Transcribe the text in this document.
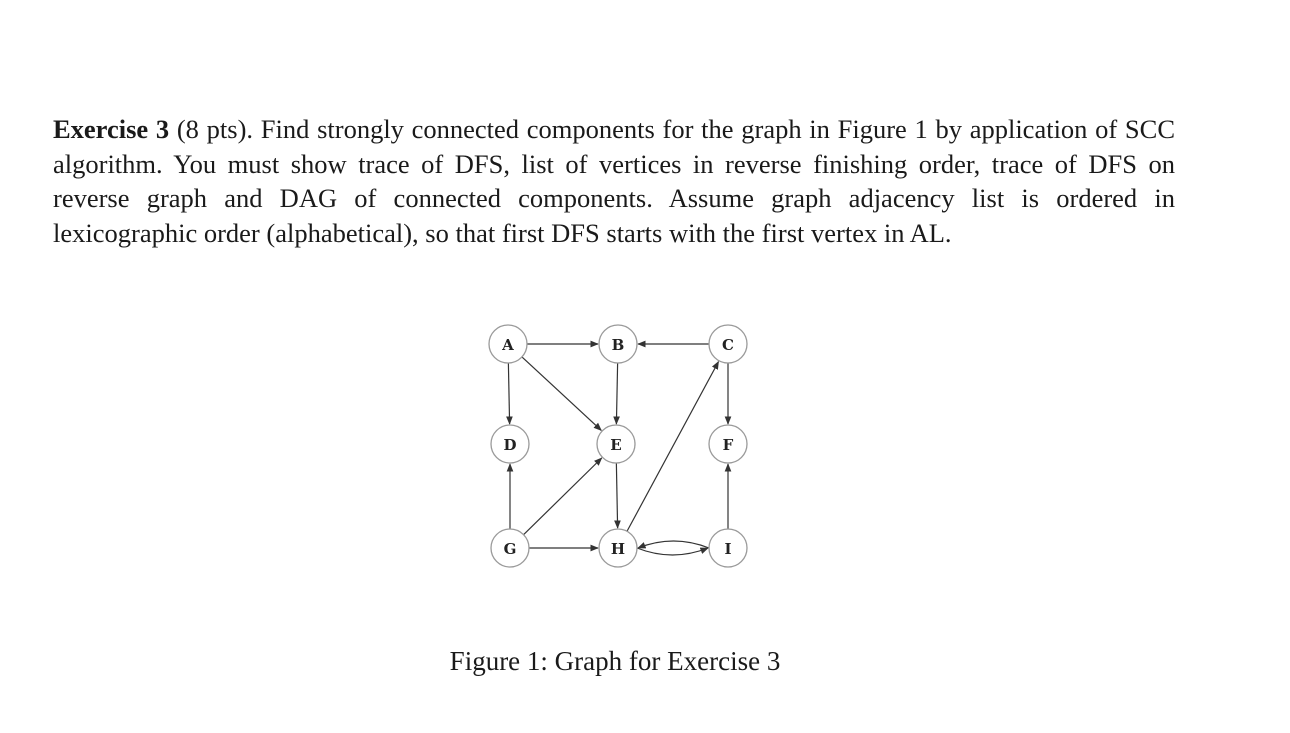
Exercise 3 (8 pts). Find strongly connected components for the graph in Figure 1 by application of SCC algorithm. You must show trace of DFS, list of vertices in reverse finishing order, trace of DFS on reverse graph and DAG of connected components. Assume graph adjacency list is ordered in lexicographic order (alphabetical), so that first DFS starts with the first vertex in AL.
A	B	C
D	E	F
G	H	I
Figure 1: Graph for Exercise 3
